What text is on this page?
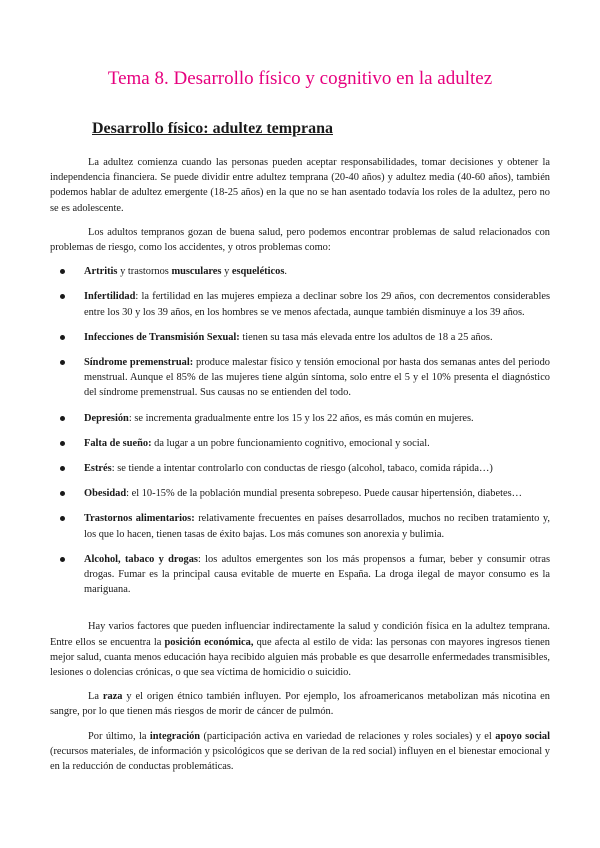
Tema 8. Desarrollo físico y cognitivo en la adultez
Desarrollo físico: adultez temprana

La adultez comienza cuando las personas pueden aceptar responsabilidades, tomar decisiones y obtener la independencia financiera. Se puede dividir entre adultez temprana (20-40 años) y adultez media (40-60 años), también podemos hablar de adultez emergente (18-25 años) en la que no se han asentado todavía los roles de la adultez, pero no se es adolescente.

Los adultos tempranos gozan de buena salud, pero podemos encontrar problemas de salud relacionados con problemas de riesgo, como los accidentes, y otros problemas como:

Artritis y trastornos musculares y esqueléticos.
Infertilidad: la fertilidad en las mujeres empieza a declinar sobre los 29 años, con decrementos considerables entre los 30 y los 39 años, en los hombres se ve menos afectada, aunque también disminuye a los 39 años.
Infecciones de Transmisión Sexual: tienen su tasa más elevada entre los adultos de 18 a 25 años.
Síndrome premenstrual: produce malestar físico y tensión emocional por hasta dos semanas antes del periodo menstrual. Aunque el 85% de las mujeres tiene algún síntoma, solo entre el 5 y el 10% presenta el diagnóstico del síndrome premenstrual. Sus causas no se entienden del todo.
Depresión: se incrementa gradualmente entre los 15 y los 22 años, es más común en mujeres.
Falta de sueño: da lugar a un pobre funcionamiento cognitivo, emocional y social.
Estrés: se tiende a intentar controlarlo con conductas de riesgo (alcohol, tabaco, comida rápida…)
Obesidad: el 10-15% de la población mundial presenta sobrepeso. Puede causar hipertensión, diabetes…
Trastornos alimentarios: relativamente frecuentes en países desarrollados, muchos no reciben tratamiento y, los que lo hacen, tienen tasas de éxito bajas. Los más comunes son anorexia y bulimia.
Alcohol, tabaco y drogas: los adultos emergentes son los más propensos a fumar, beber y consumir otras drogas. Fumar es la principal causa evitable de muerte en España. La droga ilegal de mayor consumo es la mariguana.

Hay varios factores que pueden influenciar indirectamente la salud y condición física en la adultez temprana. Entre ellos se encuentra la posición económica, que afecta al estilo de vida: las personas con mayores ingresos tienen mejor salud, cuanta menos educación haya recibido alguien más probable es que desarrolle enfermedades transmisibles, lesiones o dolencias crónicas, o que sea víctima de homicidio o suicidio.

La raza y el origen étnico también influyen. Por ejemplo, los afroamericanos metabolizan más nicotina en sangre, por lo que tienen más riesgos de morir de cáncer de pulmón.

Por último, la integración (participación activa en variedad de relaciones y roles sociales) y el apoyo social (recursos materiales, de información y psicológicos que se derivan de la red social) influyen en el bienestar emocional y en la reducción de conductas problemáticas.
